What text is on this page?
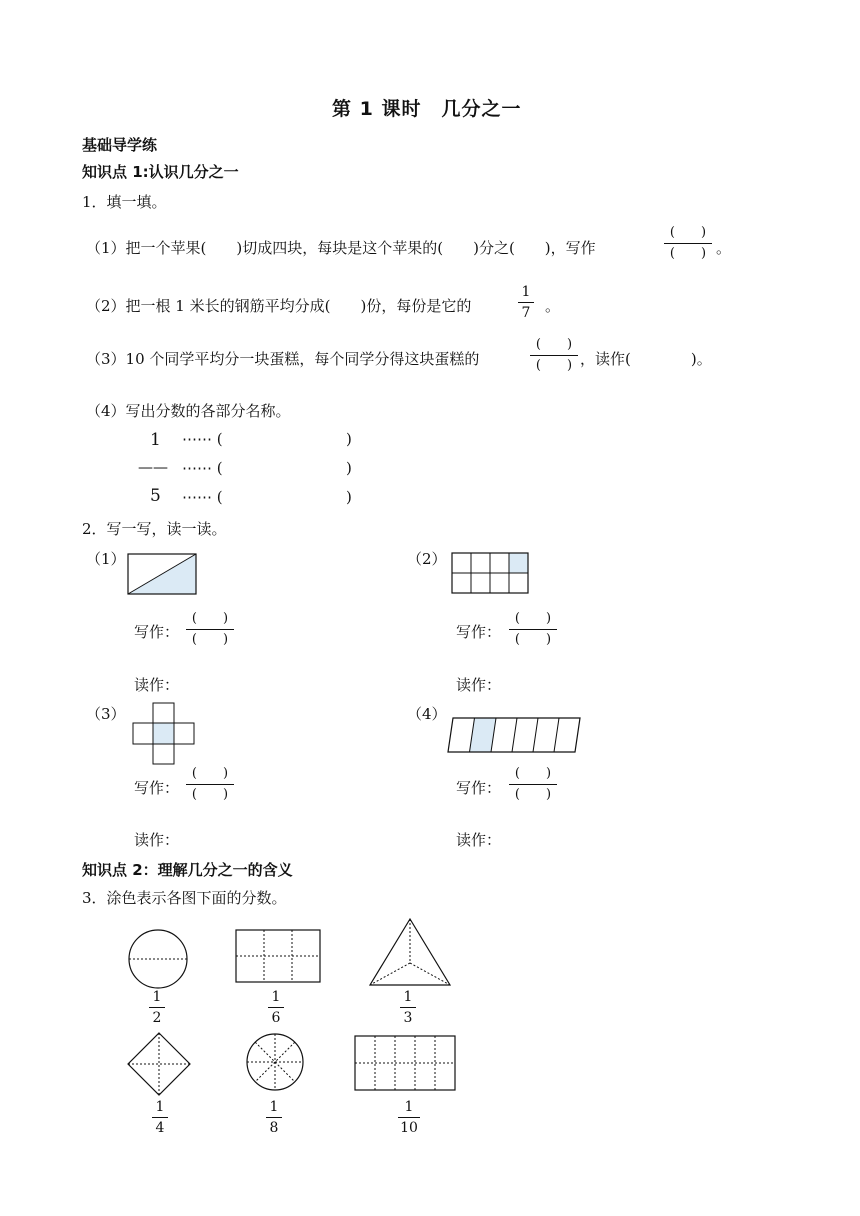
第 1 课时　几分之一
基础导学练
知识点 1:认识几分之一
1．填一填。
（1）把一个苹果(　　)切成四块，每块是这个苹果的(　　)分之(　　)，写作
(　　)
(　　) 。
（2）把一根 1 米长的钢筋平均分成(　　)份，每份是它的
1
7 。
（3）10 个同学平均分一块蛋糕，每个同学分得这块蛋糕的
(　　)
(　　) ，读作(　　　　)。
（4）写出分数的各部分名称。
1 ⋯⋯ (	)
—— ⋯⋯ (	)
5 ⋯⋯ (	)
2．写一写，读一读。
（1）
写作：
(　　)
(　　)
读作：
（2）
写作：
(　　)
(　　)
读作：
（3）
写作：
(　　)
(　　)
读作：
（4）
写作：
(　　)
(　　)
读作：
知识点 2：理解几分之一的含义
3．涂色表示各图下面的分数。
1
2
1
6
1
3
1
4
1
8
1
10
